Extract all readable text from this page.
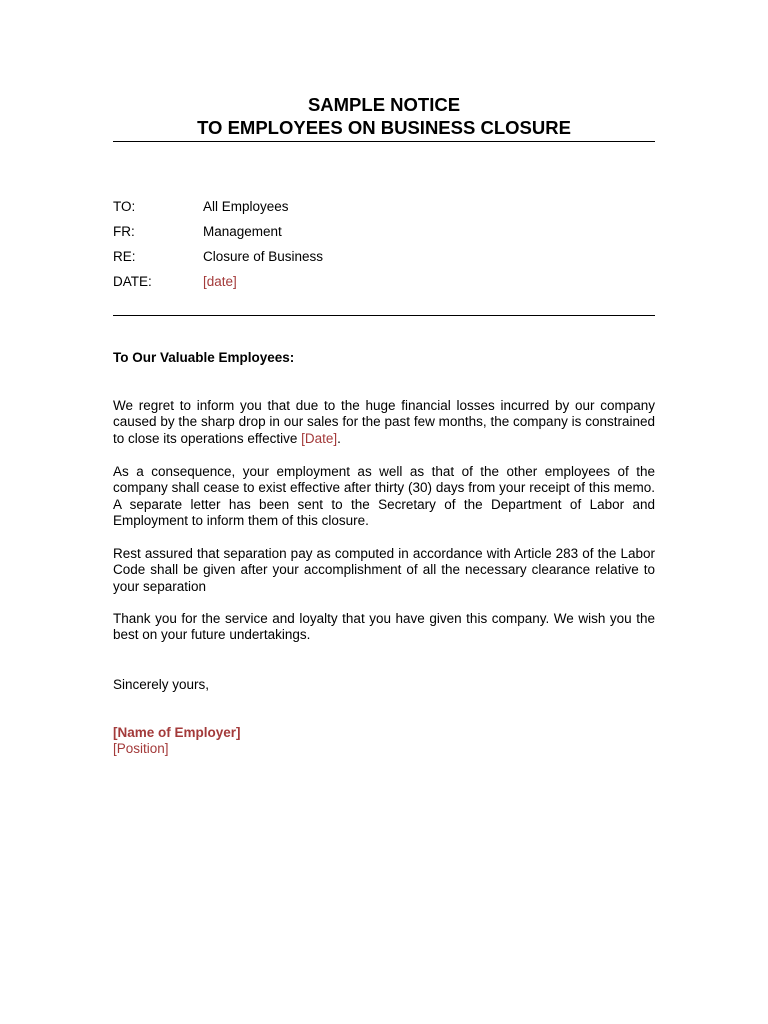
SAMPLE NOTICE
TO EMPLOYEES ON BUSINESS CLOSURE
TO:	All Employees
FR:	Management
RE:	Closure of Business
DATE:	[date]
To Our Valuable Employees:

We regret to inform you that due to the huge financial losses incurred by our company caused by the sharp drop in our sales for the past few months, the company is constrained to close its operations effective [Date].

As a consequence, your employment as well as that of the other employees of the company shall cease to exist effective after thirty (30) days from your receipt of this memo. A separate letter has been sent to the Secretary of the Department of Labor and Employment to inform them of this closure.

Rest assured that separation pay as computed in accordance with Article 283 of the Labor Code shall be given after your accomplishment of all the necessary clearance relative to your separation

Thank you for the service and loyalty that you have given this company. We wish you the best on your future undertakings.

Sincerely yours,
[Name of Employer]
[Position]
